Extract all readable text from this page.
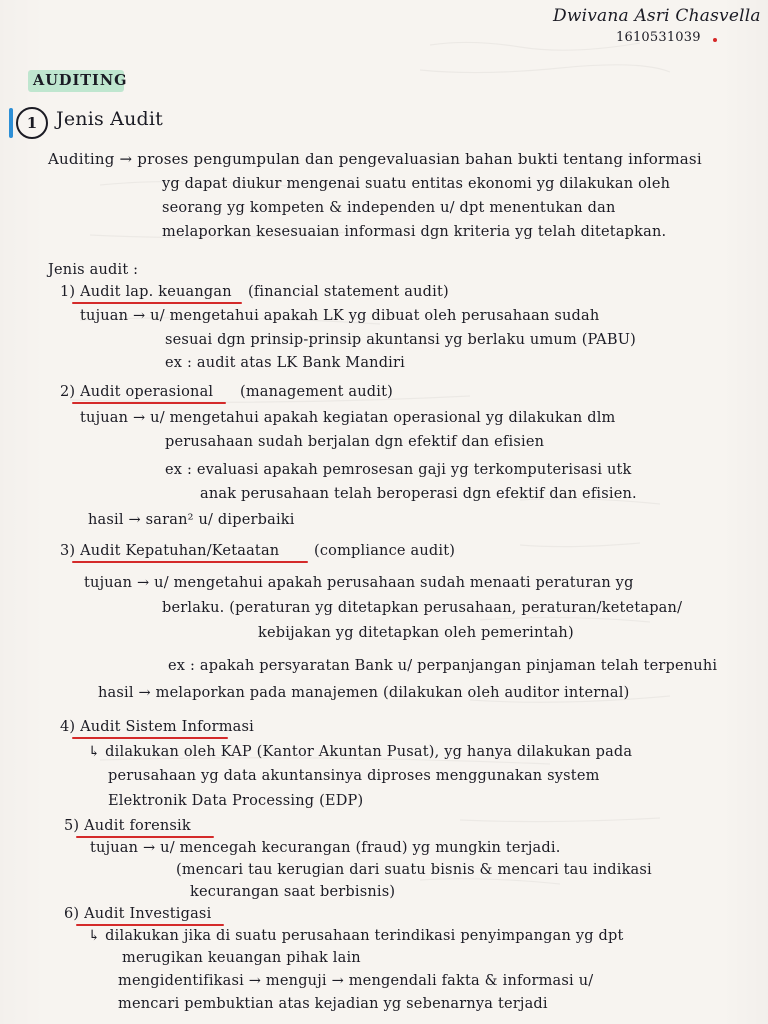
Dwivana Asri Chasvella
1610531039
AUDITING
1 Jenis Audit
Auditing → proses pengumpulan dan pengevaluasian bahan bukti tentang informasi
yg dapat diukur mengenai suatu entitas ekonomi yg dilakukan oleh
seorang yg kompeten & independen u/ dpt menentukan dan
melaporkan kesesuaian informasi dgn kriteria yg telah ditetapkan.
Jenis audit :
1) Audit lap. keuangan (financial statement audit)
tujuan → u/ mengetahui apakah LK yg dibuat oleh perusahaan sudah
sesuai dgn prinsip-prinsip akuntansi yg berlaku umum (PABU)
ex : audit atas LK Bank Mandiri
2) Audit operasional (management audit)
tujuan → u/ mengetahui apakah kegiatan operasional yg dilakukan dlm
perusahaan sudah berjalan dgn efektif dan efisien
ex : evaluasi apakah pemrosesan gaji yg terkomputerisasi utk
anak perusahaan telah beroperasi dgn efektif dan efisien.
hasil → saran² u/ diperbaiki
3) Audit Kepatuhan/Ketaatan (compliance audit)
tujuan → u/ mengetahui apakah perusahaan sudah menaati peraturan yg
berlaku. (peraturan yg ditetapkan perusahaan, peraturan/ketetapan/
kebijakan yg ditetapkan oleh pemerintah)
ex : apakah persyaratan Bank u/ perpanjangan pinjaman telah terpenuhi
hasil → melaporkan pada manajemen (dilakukan oleh auditor internal)
4) Audit Sistem Informasi
↳ dilakukan oleh KAP (Kantor Akuntan Pusat), yg hanya dilakukan pada
perusahaan yg data akuntansinya diproses menggunakan system
Elektronik Data Processing (EDP)
5) Audit forensik
tujuan → u/ mencegah kecurangan (fraud) yg mungkin terjadi.
(mencari tau kerugian dari suatu bisnis & mencari tau indikasi
kecurangan saat berbisnis)
6) Audit Investigasi
↳ dilakukan jika di suatu perusahaan terindikasi penyimpangan yg dpt
merugikan keuangan pihak lain
mengidentifikasi → menguji → mengendali fakta & informasi u/
mencari pembuktian atas kejadian yg sebenarnya terjadi
